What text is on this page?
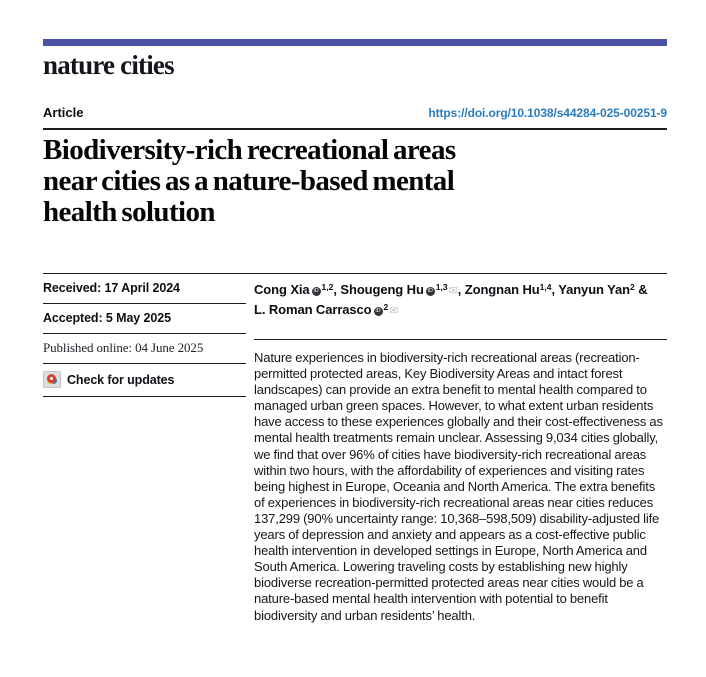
nature cities
Article	https://doi.org/10.1038/s44284-025-00251-9
Biodiversity-rich recreational areas
near cities as a nature-based mental
health solution
Received: 17 April 2024
Accepted: 5 May 2025
Published online: 04 June 2025
Check for updates
Cong Xia iD $^{1,2}$, Shougeng Hu iD $^{1,3}$✉, Zongnan Hu$^{1,4}$, Yanyun Yan$^2$ &
L. Roman Carrasco iD $^2$✉

Nature experiences in biodiversity-rich recreational areas (recreation-permitted protected areas, Key Biodiversity Areas and intact forest landscapes) can provide an extra benefit to mental health compared to managed urban green spaces. However, to what extent urban residents have access to these experiences globally and their cost-effectiveness as mental health treatments remain unclear. Assessing 9,034 cities globally, we find that over 96% of cities have biodiversity-rich recreational areas within two hours, with the affordability of experiences and visiting rates being highest in Europe, Oceania and North America. The extra benefits of experiences in biodiversity-rich recreational areas near cities reduces 137,299 (90% uncertainty range: 10,368–598,509) disability-adjusted life years of depression and anxiety and appears as a cost-effective public health intervention in developed settings in Europe, North America and South America. Lowering traveling costs by establishing new highly biodiverse recreation-permitted protected areas near cities would be a nature-based mental health intervention with potential to benefit biodiversity and urban residents’ health.
